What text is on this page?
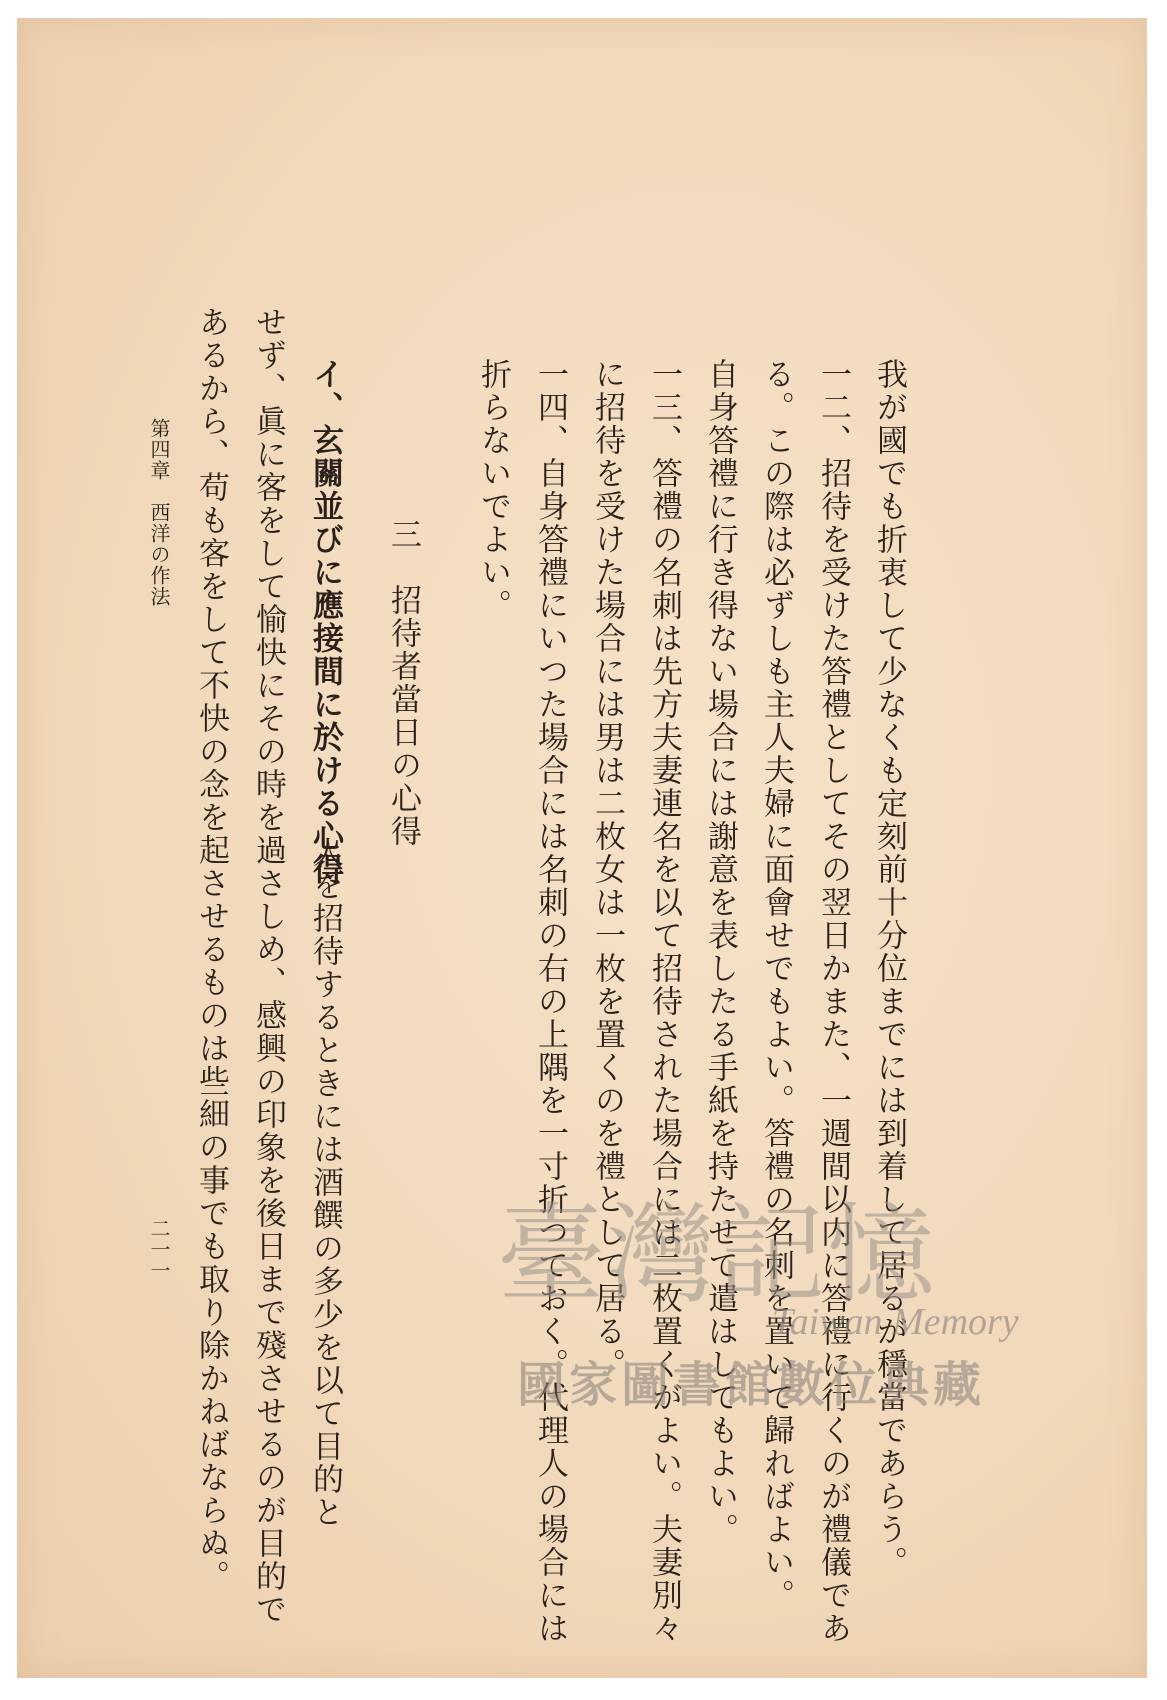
我が國でも折衷して少なくも定刻前十分位までには到着して居るが穩當であらう。
一二、招待を受けた答禮としてその翌日かまた、一週間以内に答禮に行くのが禮儀であ
る。この際は必ずしも主人夫婦に面會せでもよい。答禮の名刺を置いて歸ればよい。
自身答禮に行き得ない場合には謝意を表したる手紙を持たせて遣はしてもよい。
一三、答禮の名刺は先方夫妻連名を以て招待された場合には二枚置くがよい。夫妻別々
に招待を受けた場合には男は二枚女は一枚を置くのを禮として居る。
一四、自身答禮にいつた場合には名刺の右の上隅を一寸折つておく。代理人の場合には
折らないでよい。
三　招待者當日の心得
イ、玄關並びに應接間に於ける心得
人を招待するときには酒饌の多少を以て目的と
せず、眞に客をして愉快にその時を過さしめ、感興の印象を後日まで殘させるのが目的で
あるから、苟も客をして不快の念を起させるものは些細の事でも取り除かねばならぬ。
第四章　西洋の作法
二一一	臺灣記憶
Taiwan Memory
國家圖書館數位典藏
